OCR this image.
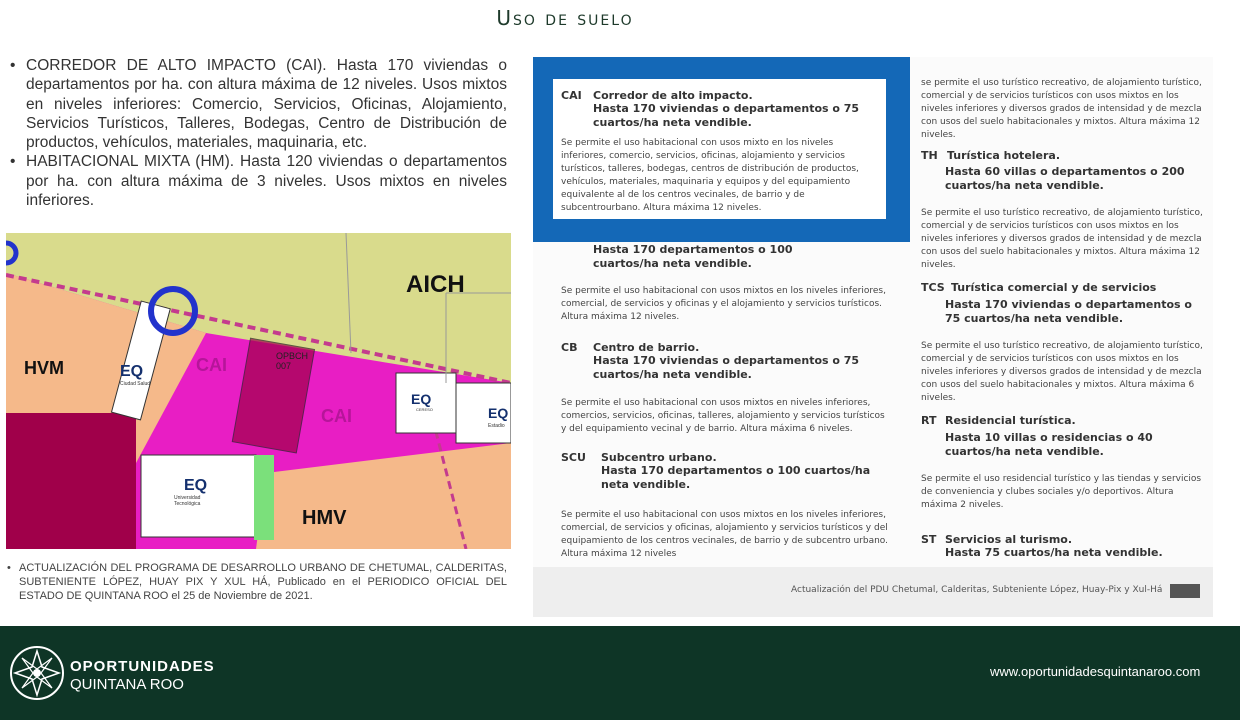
Uso de suelo
• CORREDOR DE ALTO IMPACTO (CAI). Hasta 170 viviendas o departamentos por ha. con altura máxima de 12 niveles. Usos mixtos en niveles inferiores: Comercio, Servicios, Oficinas, Alojamiento, Servicios Turísticos, Talleres, Bodegas, Centro de Distribución de productos, vehículos, materiales, maquinaria, etc.
• HABITACIONAL MIXTA (HM). Hasta 120 viviendas o departamentos por ha. con altura máxima de 3 niveles. Usos mixtos en niveles inferiores.
AICH
HVM	EQ
Ciudad Salud
CAI	OPBCH 007
CAI
EQ
CERESO	EQ
Estadio
EQ
Universidad Tecnológica
HMV
• ACTUALIZACIÓN DEL PROGRAMA DE DESARROLLO URBANO DE CHETUMAL, CALDERITAS, SUBTENIENTE LÓPEZ, HUAY PIX Y XUL HÁ, Publicado en el PERIODICO OFICIAL DEL ESTADO DE QUINTANA ROO el 25 de Noviembre de 2021.
CAI Corredor de alto impacto.
Hasta 170 viviendas o departamentos o 75 cuartos/ha neta vendible.
Se permite el uso habitacional con usos mixto en los niveles inferiores, comercio, servicios, oficinas, alojamiento y servicios turísticos, talleres, bodegas, centros de distribución de productos, vehículos, materiales, maquinaria y equipos y del equipamiento equivalente al de los centros vecinales, de barrio y de subcentrourbano. Altura máxima 12 niveles.
Hasta 170 departamentos o 100 cuartos/ha neta vendible.
Se permite el uso habitacional con usos mixtos en los niveles inferiores, comercial, de servicios y oficinas y el alojamiento y servicios turísticos. Altura máxima 12 niveles.
CB Centro de barrio.
Hasta 170 viviendas o departamentos o 75 cuartos/ha neta vendible.
Se permite el uso habitacional con usos mixtos en niveles inferiores, comercios, servicios, oficinas, talleres, alojamiento y servicios turísticos y del equipamiento vecinal y de barrio. Altura máxima 6 niveles.
SCU Subcentro urbano.
Hasta 170 departamentos o 100 cuartos/ha neta vendible.
Se permite el uso habitacional con usos mixtos en los niveles inferiores, comercial, de servicios y oficinas, alojamiento y servicios turísticos y del equipamiento de los centros vecinales, de barrio y de subcentro urbano. Altura máxima 12 niveles
se permite el uso turístico recreativo, de alojamiento turístico, comercial y de servicios turísticos con usos mixtos en los niveles inferiores y diversos grados de intensidad y de mezcla con usos del suelo habitacionales y mixtos. Altura máxima 12 niveles.
TH Turística hotelera.
Hasta 60 villas o departamentos o 200 cuartos/ha neta vendible.
Se permite el uso turístico recreativo, de alojamiento turístico, comercial y de servicios turísticos con usos mixtos en los niveles inferiores y diversos grados de intensidad y de mezcla con usos del suelo habitacionales y mixtos. Altura máxima 12 niveles.
TCS Turística comercial y de servicios
Hasta 170 viviendas o departamentos o 75 cuartos/ha neta vendible.
Se permite el uso turístico recreativo, de alojamiento turístico, comercial y de servicios turísticos con usos mixtos en los niveles inferiores y diversos grados de intensidad y de mezcla con usos del suelo habitacionales y mixtos. Altura máxima 6 niveles.
RT Residencial turística.
Hasta 10 villas o residencias o 40 cuartos/ha neta vendible.
Se permite el uso residencial turístico y las tiendas y servicios de conveniencia y clubes sociales y/o deportivos. Altura máxima 2 niveles.
ST Servicios al turismo.
Hasta 75 cuartos/ha neta vendible.
Actualización del PDU Chetumal, Calderitas, Subteniente López, Huay-Pix y Xul-Há
OPORTUNIDADES
QUINTANA ROO
www.oportunidadesquintanaroo.com
